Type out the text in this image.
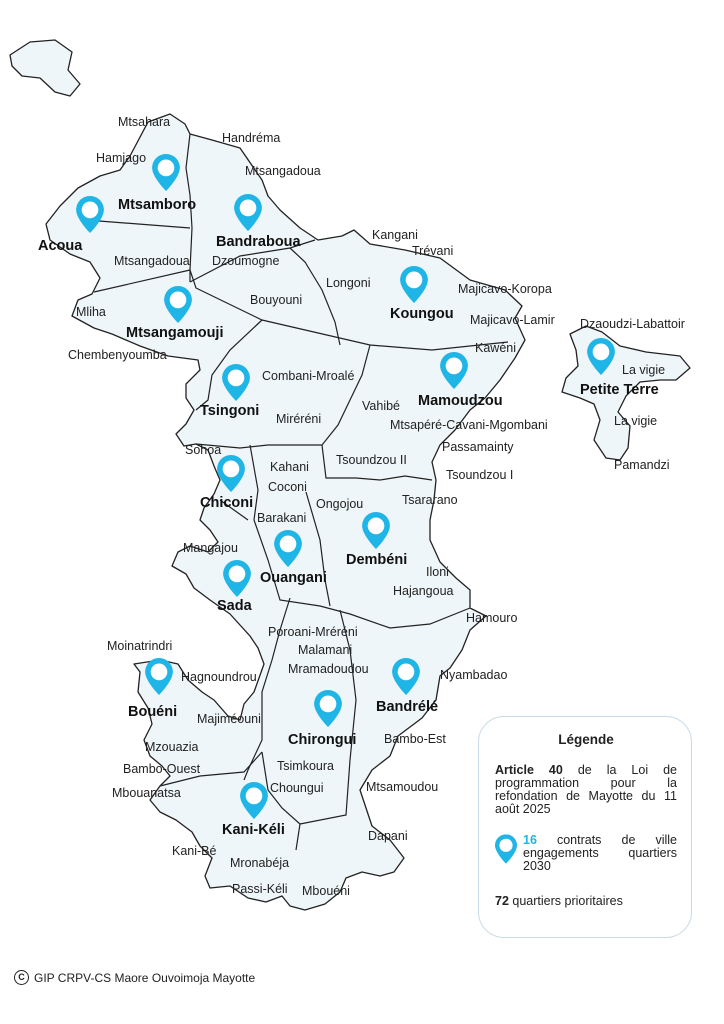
Mtsahara
Handréma
Hamjago
Mtsangadoua
Kangani
Trévani
Mtsangadoua Dzoumogne
Longoni	Majicavo-Koropa
Mliha
Bouyouni
Majicavo-Lamir Dzaoudzi-Labattoir
Chembenyoumba	Kawéni
La vigie
Combani-Mroalé
Vahibé
Mtsapéré-Cavani-Mgombani	La vigie
Miréréni
Passamainty
Sohoa
Kahani Tsoundzou II	Pamandzi
Tsoundzou I
Coconi
Ongojou	Tsararano
Barakani
Mangajou
Iloni
Hajangoua
Poroani-Mréréni
Hamouro
Malamani
Moinatrindri
Mramadoudou	Nyambadao
Hagnoundrou
Majiméouni
Bambo-Est
Mzouazia
Bambo-Ouest	Tsimkoura
Mbouanatsa	Choungui	Mtsamoudou
Dapani
Kani-Bé
Mronabéja
Passi-Kéli Mbouéni
Mtsamboro
Acoua	Bandraboua
Koungou
Mtsangamouji
Petite Terre
Mamoudzou
Tsingoni
Chiconi
Dembéni
Ouangani
Sada
Bouéni	Bandrélé
Chirongui
Kani-Kéli
Légende
Article 40 de la Loi de programmation pour la refondation de Mayotte du 11 août 2025
16 contrats de ville engagements quartiers 2030
72 quartiers prioritaires
C GIP CRPV-CS Maore Ouvoimoja Mayotte
